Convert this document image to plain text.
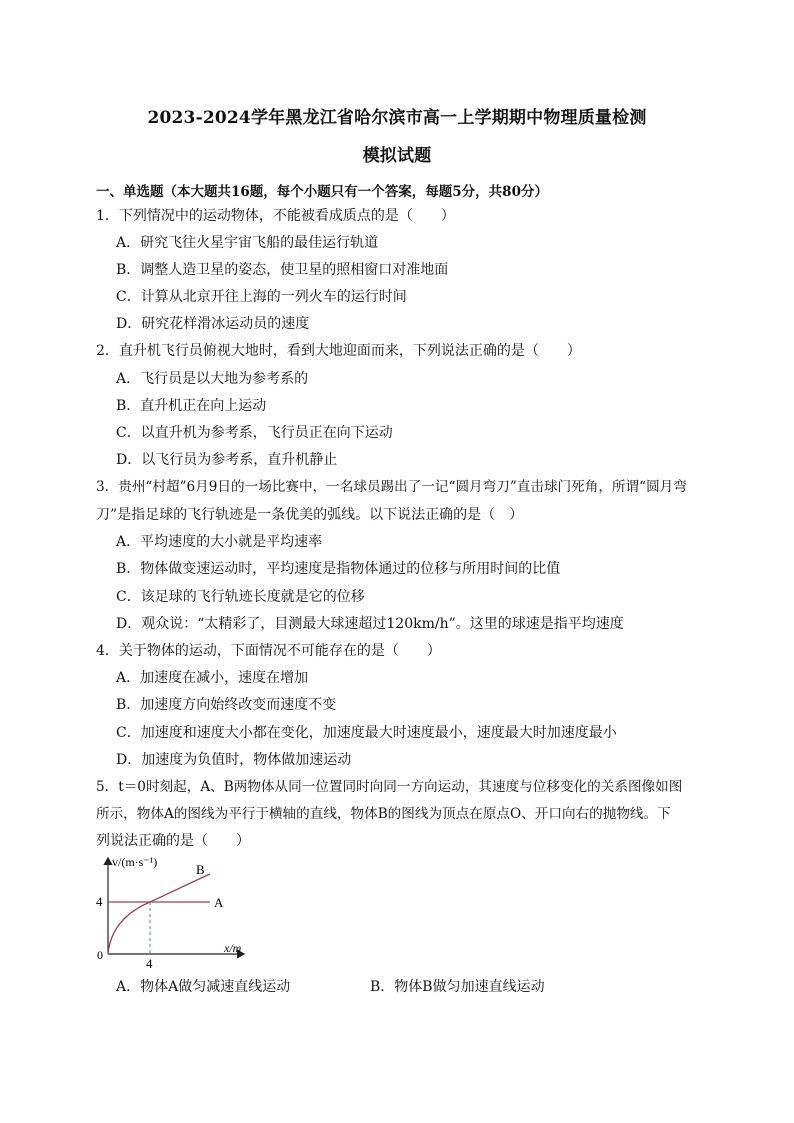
2023-2024学年黑龙江省哈尔滨市高一上学期期中物理质量检测
模拟试题
一、单选题（本大题共16题，每个小题只有一个答案，每题5分，共80分）
1．下列情况中的运动物体，不能被看成质点的是（　　）
A．研究飞往火星宇宙飞船的最佳运行轨道
B．调整人造卫星的姿态，使卫星的照相窗口对准地面
C．计算从北京开往上海的一列火车的运行时间
D．研究花样滑冰运动员的速度
2．直升机飞行员俯视大地时，看到大地迎面而来，下列说法正确的是（　　）
A．飞行员是以大地为参考系的
B．直升机正在向上运动
C．以直升机为参考系，飞行员正在向下运动
D．以飞行员为参考系，直升机静止
3．贵州“村超”6月9日的一场比赛中，一名球员踢出了一记“圆月弯刀”直击球门死角，所谓“圆月弯
刀”是指足球的飞行轨迹是一条优美的弧线。以下说法正确的是（　）
A．平均速度的大小就是平均速率
B．物体做变速运动时，平均速度是指物体通过的位移与所用时间的比值
C．该足球的飞行轨迹长度就是它的位移
D．观众说：“太精彩了，目测最大球速超过120km/h”。这里的球速是指平均速度
4．关于物体的运动，下面情况不可能存在的是（　　）
A．加速度在减小，速度在增加
B．加速度方向始终改变而速度不变
C．加速度和速度大小都在变化，加速度最大时速度最小，速度最大时加速度最小
D．加速度为负值时，物体做加速运动
5．t＝0时刻起，A、B两物体从同一位置同时向同一方向运动，其速度与位移变化的关系图像如图
所示，物体A的图线为平行于横轴的直线，物体B的图线为顶点在原点O、开口向右的抛物线。下
列说法正确的是（　　）
v/(m·s⁻¹)
x/m
0
4
4
A
B
A．物体A做匀减速直线运动	B．物体B做匀加速直线运动
